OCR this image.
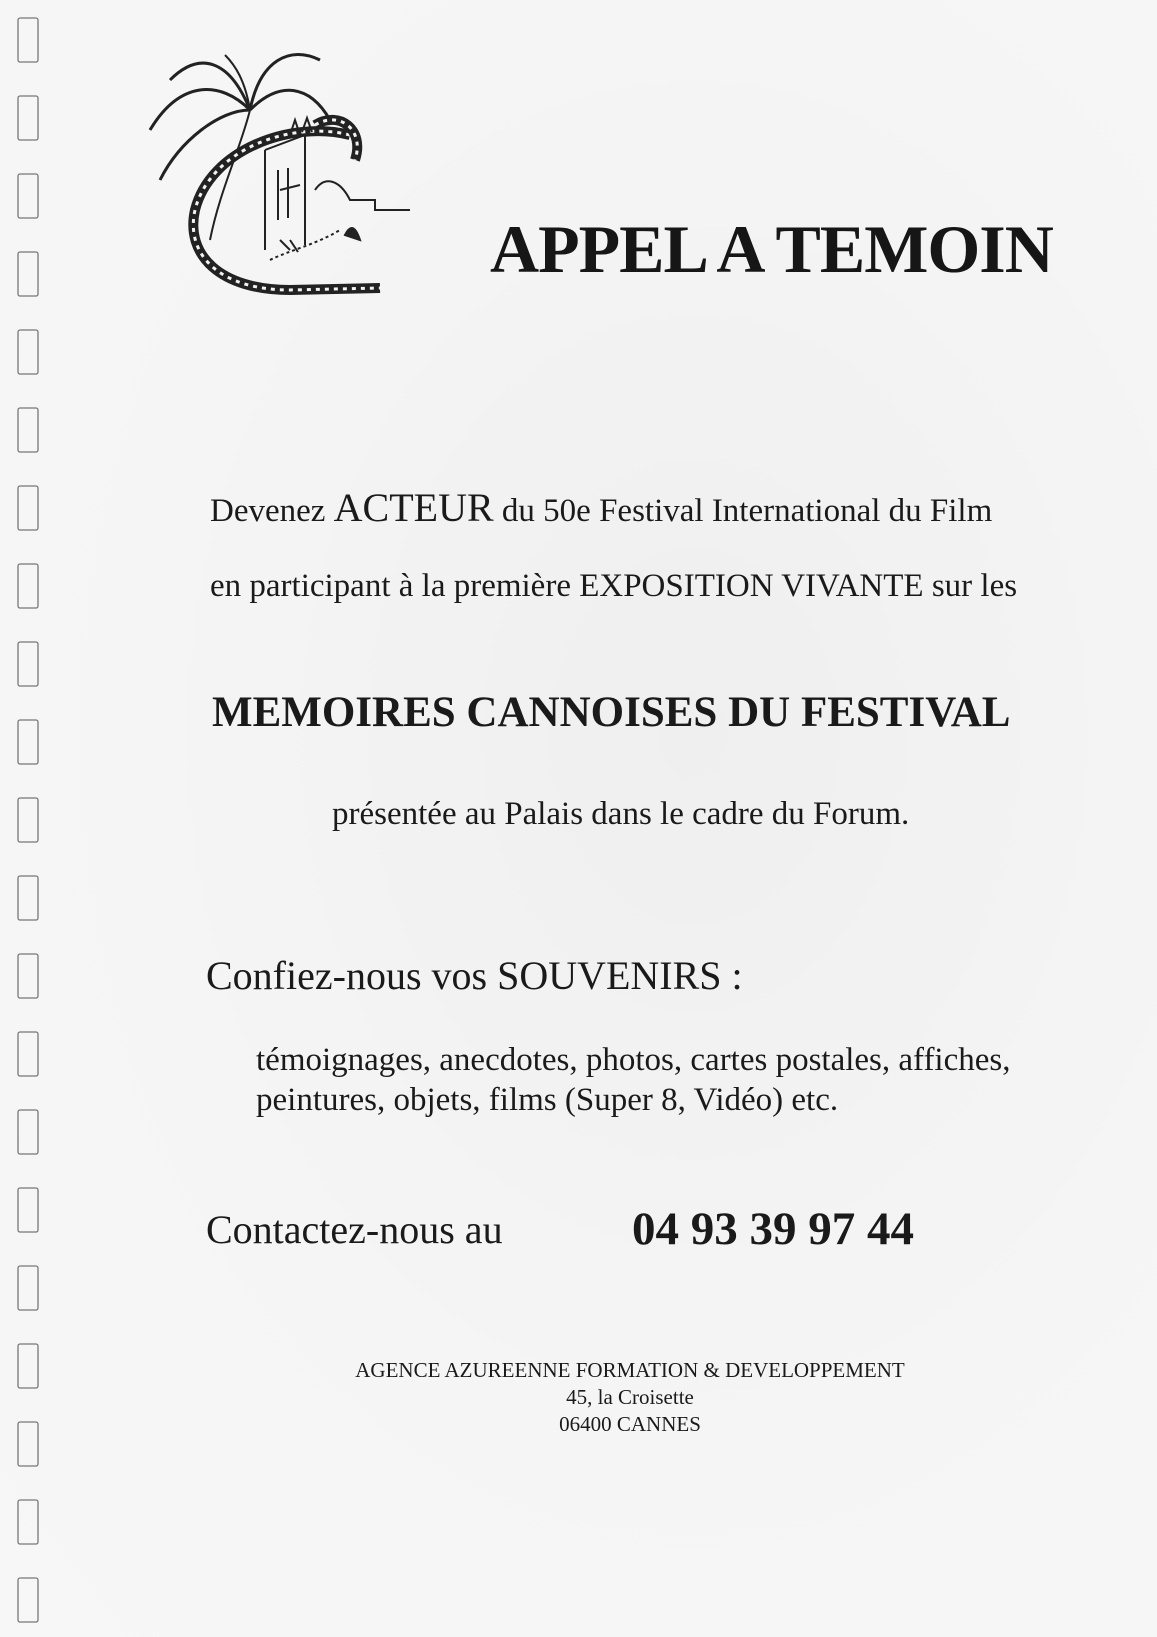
APPEL A TEMOIN
Devenez ACTEUR du 50e Festival International du Film
en participant à la première EXPOSITION VIVANTE sur les
MEMOIRES CANNOISES DU FESTIVAL
présentée au Palais dans le cadre du Forum.
Confiez-nous vos SOUVENIRS :
témoignages, anecdotes, photos, cartes postales, affiches,
peintures, objets, films (Super 8, Vidéo) etc.
Contactez-nous au	04 93 39 97 44
AGENCE AZUREENNE FORMATION & DEVELOPPEMENT
45, la Croisette
06400 CANNES
